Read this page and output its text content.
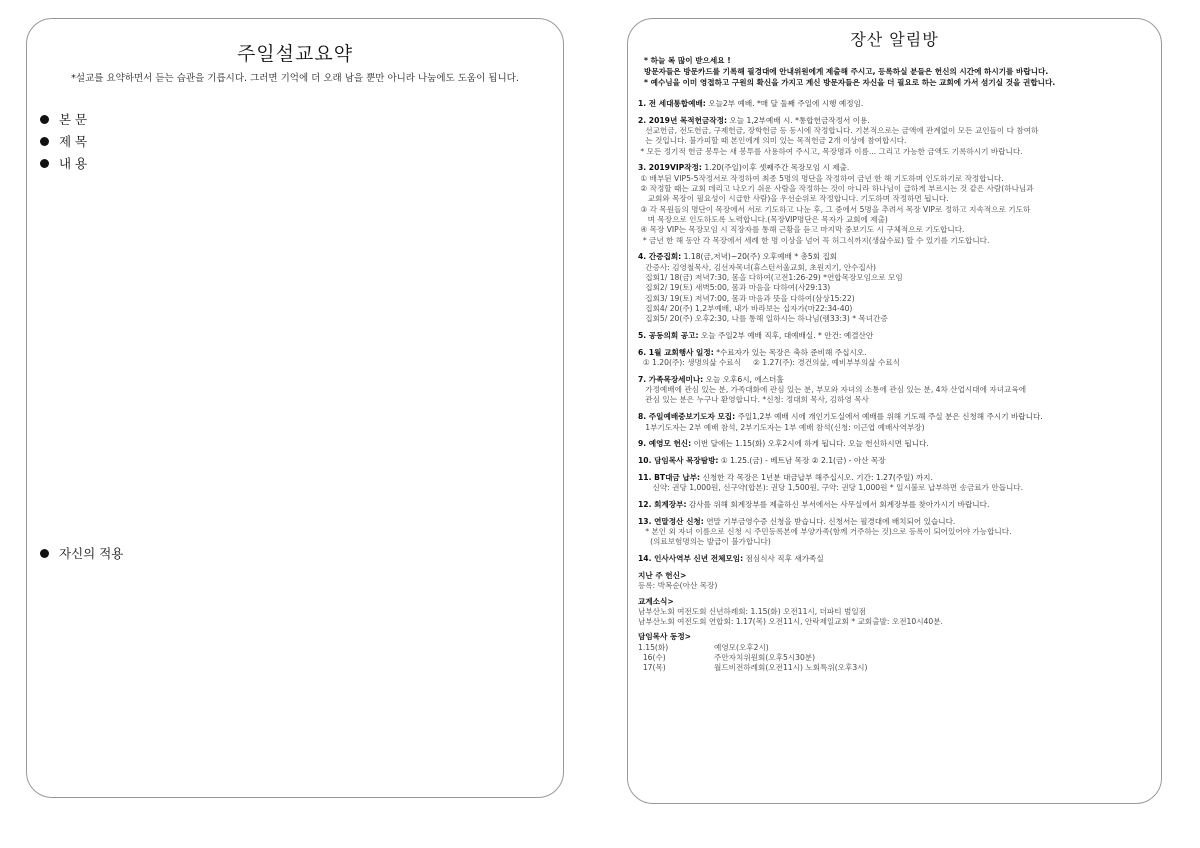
주일설교요약
*설교를 요약하면서 듣는 습관을 기릅시다. 그러면 기억에 더 오래 남을 뿐만 아니라 나눔에도 도움이 됩니다.
본 문
제 목
내 용
자신의 적용
장산 알림방
* 하늘 복 많이 받으세요 !
방문자들은 방문카드를 기록해 필경대에 안내위원에게 제출해 주시고, 등록하실 분들은 헌신의 시간에 하시기를 바랍니다.
* 예수님을 이미 영접하고 구원의 확신을 가지고 계신 방문자들은 자신을 더 필요로 하는 교회에 가서 섬기실 것을 권합니다.
1. 전 세대통합예배: 오늘2부 예배. *매 달 둘째 주일에 시행 예정임.
2. 2019년 목적헌금작정: 오늘 1,2부예배 시. *통합헌금작정서 이용.
선교헌금, 전도헌금, 구제헌금, 장학헌금 등 동시에 작정합니다. 기본적으로는 금액에 관계없이 모든 교인들이 다 참여하
는 것입니다. 불가피할 때 본인에게 의미 있는 목적헌금 2개 이상에 참여합시다.
* 모든 정기적 헌금 봉투는 새 봉투를 사용하여 주시고, 목장명과 이름... 그리고 가능한 금액도 기록하시기 바랍니다.
3. 2019VIP작정: 1.20(주일)이후 셋째주간 목장모임 시 제출.
① 배부된 VIP5-5작정서로 작정하여 최종 5명의 명단을 작정하여 금년 한 해 기도하며 인도하기로 작정합니다.
② 작정할 때는 교회 데리고 나오기 쉬운 사람을 작정하는 것이 아니라 하나님이 급하게 부르시는 것 같은 사람(하나님과
교회와 목장이 필요성이 시급한 사람)을 우선순위로 작정합니다. 기도하며 작정하면 됩니다.
③ 각 목원들의 명단이 목장에서 서로 기도하고 나눈 후, 그 중에서 5명을 추려서 목장 VIP로 정하고 지속적으로 기도하
며 목장으로 인도하도록 노력합니다.(목장VIP명단은 목자가 교회에 제출)
④ 목장 VIP는 목장모임 시 직장자를 통해 근황을 듣고 마지막 중보기도 시 구체적으로 기도합니다.
* 금년 한 해 동안 각 목장에서 세례 한 명 이상을 넘어 꼭 허그식까지(생삶수료) 할 수 있기를 기도합니다.
4. 간증집회: 1.18(금,저녁)~20(주) 오후예배 * 총5회 집회
간증사: 김영철목사, 김선자목녀(휴스턴서울교회, 초원지기, 안수집사)
집회1/ 18(금) 저녁7:30, 몸을 다하여(고전1:26-29) *연합목장모임으로 모임
집회2/ 19(토) 새벽5:00, 몸과 마음을 다하여(사29:13)
집회3/ 19(토) 저녁7:00, 몸과 마음과 뜻을 다하여(삼상15:22)
집회4/ 20(주) 1,2부예배, 내가 바라보는 십자가(마22:34-40)
집회5/ 20(주) 오후2:30, 나를 통해 일하시는 하나님(렘33:3) * 목녀간증
5. 공동의회 공고: 오늘 주일2부 예배 직후, 대예배실. * 안건: 예결산안
6. 1월 교회행사 일정: *수료자가 있는 목장은 축하 준비해 주십시오.
① 1.20(주): 생명의삶 수료식     ② 1.27(주): 경건의삶, 예비부부의삶 수료식
7. 가족목장세미나: 오늘 오후6시, 에스더홀
가정예배에 관심 있는 분, 가족대화에 관심 있는 분, 부모와 자녀의 소통에 관심 있는 분, 4차 산업시대에 자녀교육에
관심 있는 분은 누구나 환영합니다. *신청: 정대희 목사, 김하영 목사
8. 주일예배중보기도자 모집: 주일1,2부 예배 시에 개인기도실에서 예배를 위해 기도해 주실 분은 신청해 주시기 바랍니다.
1부기도자는 2부 예배 참석, 2부기도자는 1부 예배 참석(신청: 이근엽 예배사역부장)
9. 예영모 헌신: 이번 달에는 1.15(화) 오후2시에 하게 됩니다. 오늘 헌신하시면 됩니다.
10. 담임목사 목장탐방: ① 1.25.(금) - 베트남 목장 ② 2.1(금) - 아산 목장
11. BT대금 납부: 신청한 각 목장은 1년분 대금납부 해주십시오. 기간: 1.27(주일) 까지.
신약: 권당 1,000원, 신구약(합본): 권당 1,500원, 구약: 권당 1,000원 * 일시불로 납부하면 송금료가 안듭니다.
12. 회계장부: 감사를 위해 회계장부를 제출하신 부서에서는 사무실에서 회계장부를 찾아가시기 바랍니다.
13. 연말정산 신청: 연말 기부금영수증 신청을 받습니다. 신청서는 필경대에 배치되어 있습니다.
* 본인 외 자녀 이름으로 신청 시 주민등록본에 부양가족(함께 거주하는 것)으로 등록이 되어있어야 가능합니다.
(의료보험명의는 발급이 불가합니다)
14. 인사사역부 신년 전체모임: 점심식사 직후 새가족실
지난 주 헌신>
등록: 박복순(아산 목장)
교계소식>
남부산노회 여전도회 신년하례회: 1.15(화) 오전11시, 더파티 범일점
남부산노회 여전도회 연합회: 1.17(목) 오전11시, 안락제일교회 * 교회출발: 오전10시40분.
담임목사 동정>
1.15(화)	예영모(오후2시)
16(수)	주안자치위원회(오후5시30분)
17(목)	월드비전하례회(오전11시) 노회특위(오후3시)
